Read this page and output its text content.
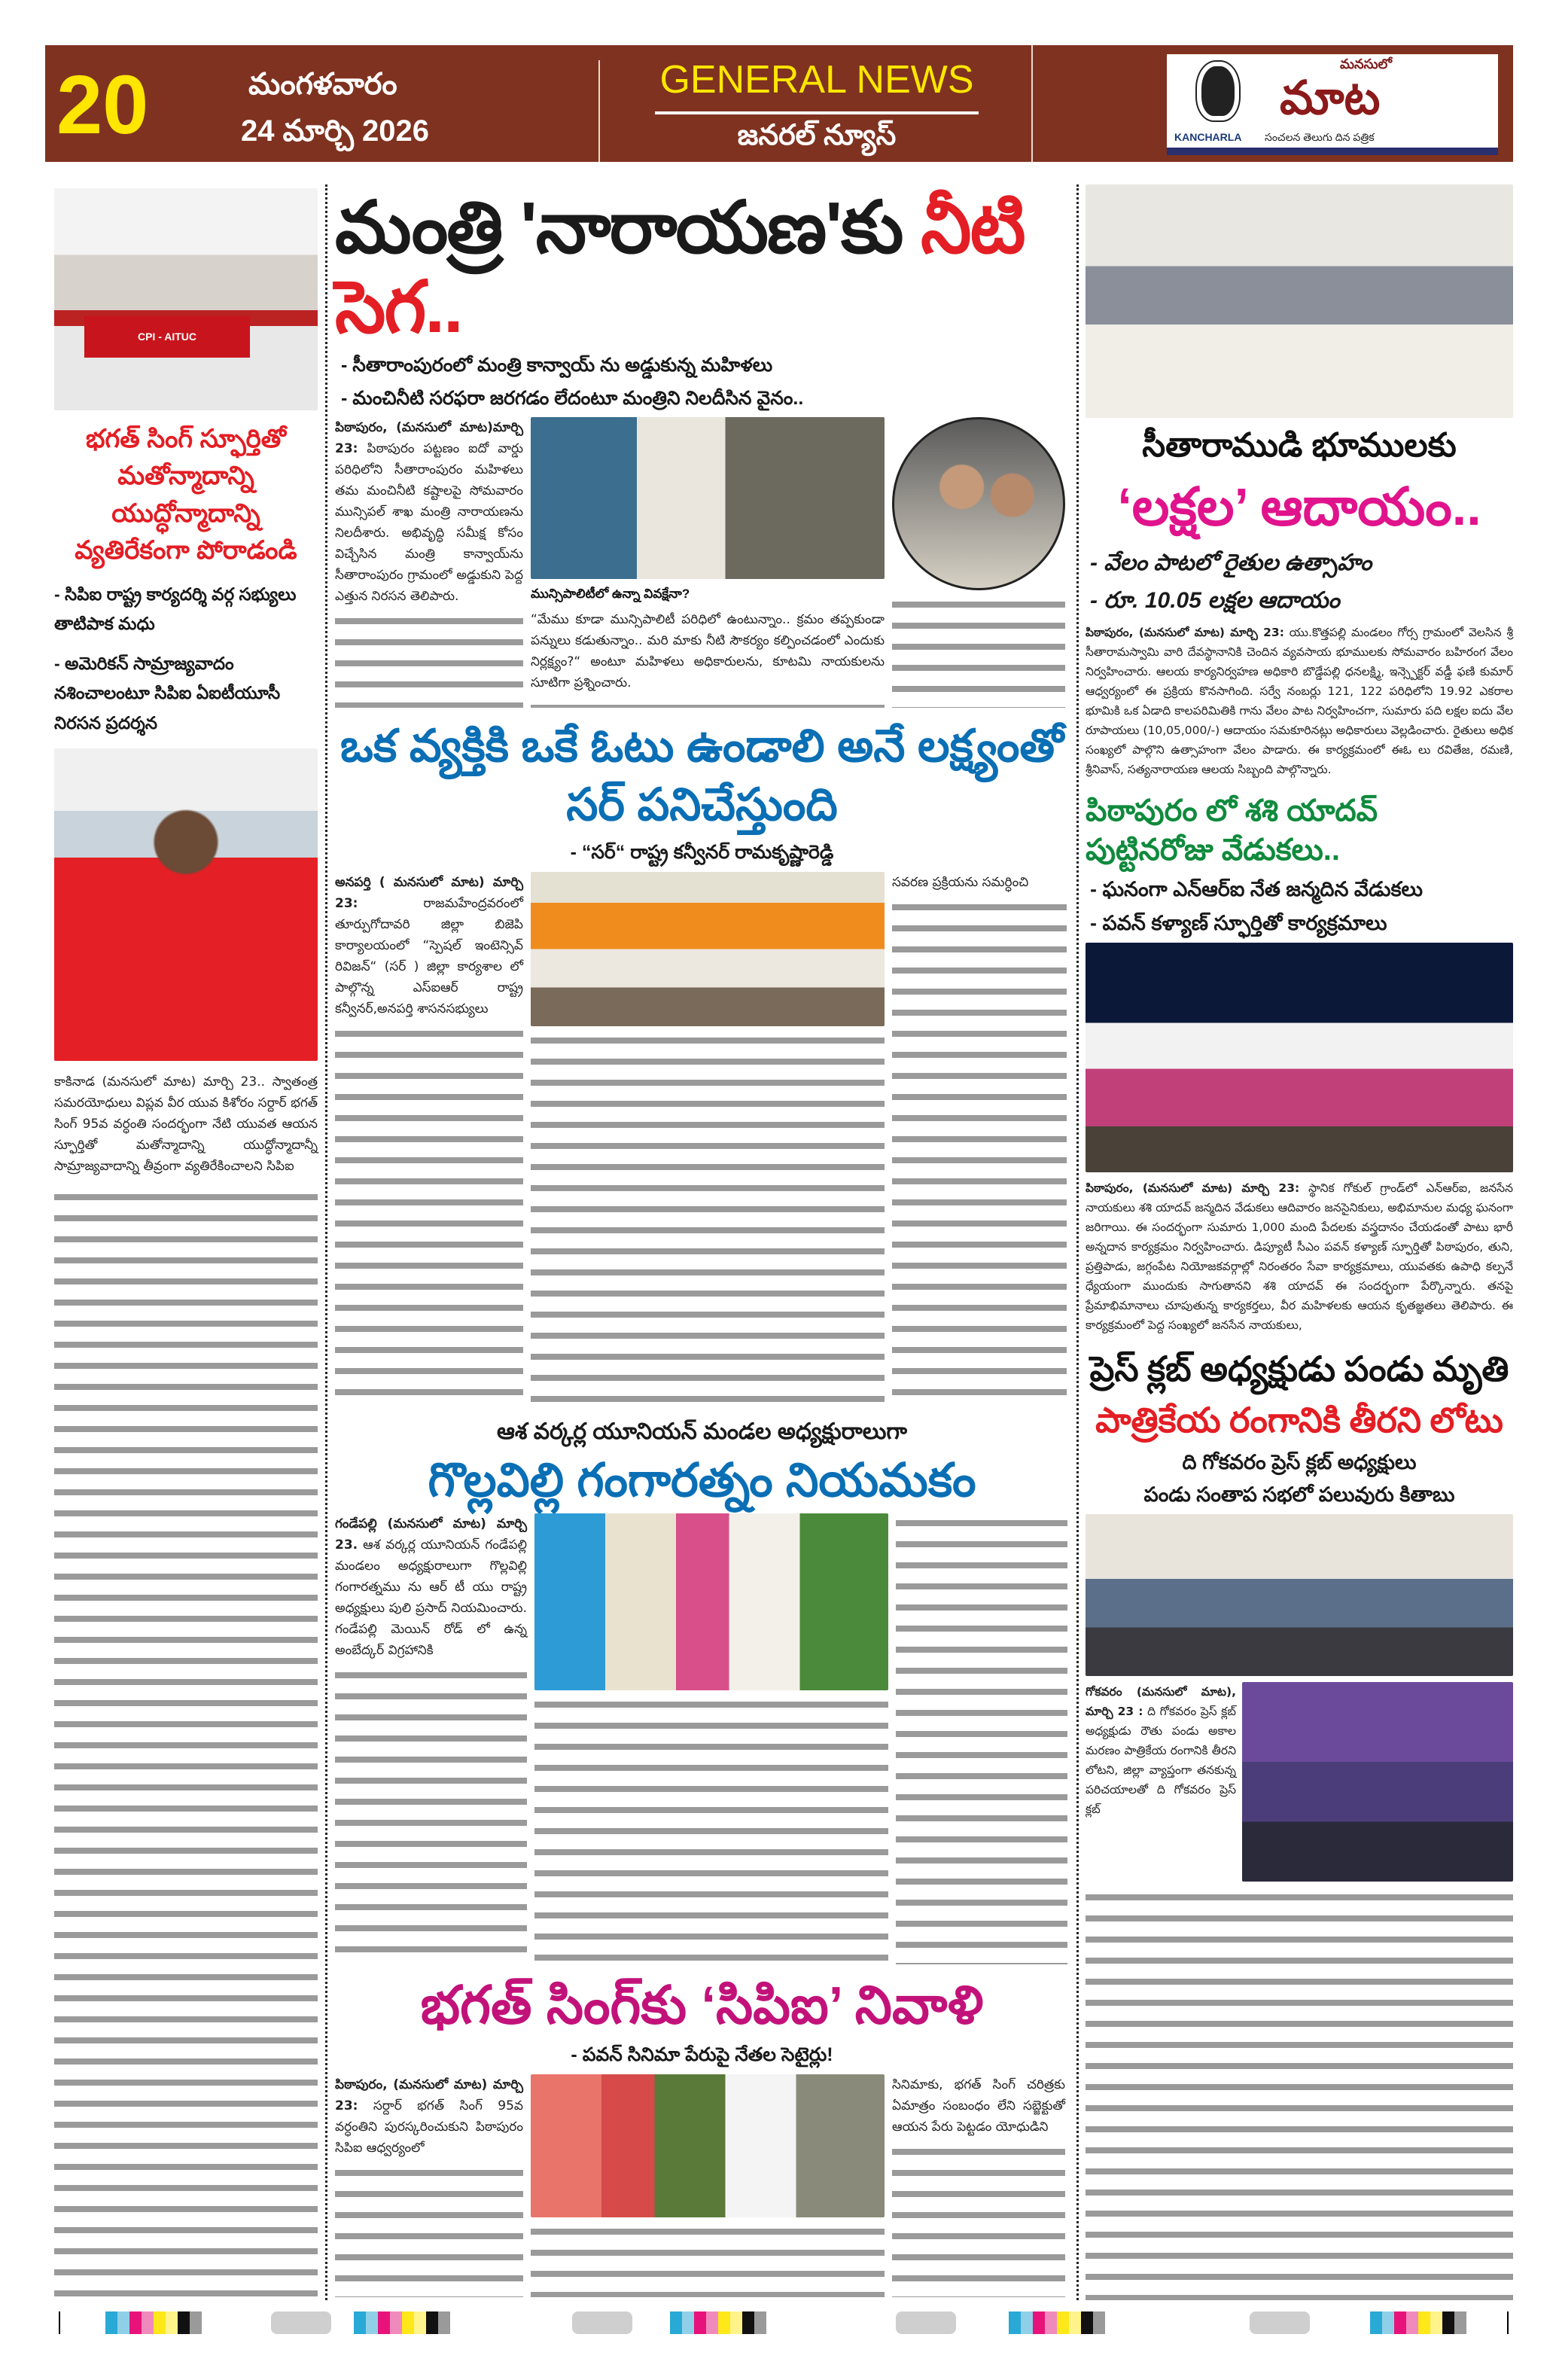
20	మంగళవారం
24 మార్చి 2026
GENERAL NEWS
జనరల్ న్యూస్
మనసులో
మాట
KANCHARLA సంచలన తెలుగు దిన పత్రిక
CPI - AITUC
భగత్ సింగ్ స్ఫూర్తితో మతోన్మాదాన్ని యుద్ధోన్మాదాన్ని వ్యతిరేకంగా పోరాడండి
- సిపిఐ రాష్ట్ర కార్యదర్శి వర్గ సభ్యులు తాటిపాక మధు
- అమెరికన్ సామ్రాజ్యవాదం నశించాలంటూ సిపిఐ ఏఐటీయూసీ నిరసన ప్రదర్శన

కాకినాడ (మనసులో మాట) మార్చి 23.. స్వాతంత్ర సమరయోధులు విప్లవ వీర యువ కిశోరం సర్దార్ భగత్ సింగ్ 95వ వర్ధంతి సందర్భంగా నేటి యువత ఆయన స్ఫూర్తితో మతోన్మాదాన్ని యుద్ధోన్మాదాన్నీ సామ్రాజ్యవాదాన్ని తీవ్రంగా వ్యతిరేకించాలని సిపిఐ

మంత్రి 'నారాయణ'కు నీటి సెగ..
- సీతారాంపురంలో మంత్రి కాన్వాయ్ ను అడ్డుకున్న మహిళలు
- మంచినీటి సరఫరా జరగడం లేదంటూ మంత్రిని నిలదీసిన వైనం..

పిఠాపురం, (మనసులో మాట)మార్చి 23: పిఠాపురం పట్టణం ఐదో వార్డు పరిధిలోని సీతారాంపురం మహిళలు తమ మంచినీటి కష్టాలపై సోమవారం మున్సిపల్ శాఖ మంత్రి నారాయణను నిలదీశారు. అభివృద్ధి సమీక్ష కోసం విచ్చేసిన మంత్రి కాన్వాయ్‌ను సీతారాంపురం గ్రామంలో అడ్డుకుని పెద్ద ఎత్తున నిరసన తెలిపారు.	మున్సిపాలిటీలో ఉన్నా వివక్షేనా?

“మేము కూడా మున్సిపాలిటీ పరిధిలో ఉంటున్నాం.. క్రమం తప్పకుండా పన్నులు కడుతున్నాం.. మరి మాకు నీటి సౌకర్యం కల్పించడంలో ఎందుకు నిర్లక్ష్యం?“ అంటూ మహిళలు అధికారులను, కూటమి నాయకులను సూటిగా ప్రశ్నించారు.

ఒక వ్యక్తికి ఒకే ఓటు ఉండాలి అనే లక్ష్యంతో సర్ పనిచేస్తుంది
- “సర్“ రాష్ట్ర కన్వీనర్ రామకృష్ణారెడ్డి

అనపర్తి ( మనసులో మాట) మార్చి 23:	రాజమహేంద్రవరంలో తూర్పుగోదావరి జిల్లా బిజెపి కార్యాలయంలో “స్పెషల్ ఇంటెన్సివ్ రివిజన్“ (సర్ ) జిల్లా కార్యశాల లో పాల్గొన్న ఎస్ఐఆర్ రాష్ట్ర కన్వీనర్,అనపర్తి శాసనసభ్యులు

సవరణ ప్రక్రియను సమర్ధించి

ఆశ వర్కర్ల యూనియన్ మండల అధ్యక్షురాలుగా
గొల్లవిల్లి గంగారత్నం నియమకం

గండేపల్లి (మనసులో మాట) మార్చి 23. ఆశ వర్కర్ల యూనియన్ గండేపల్లి మండలం అధ్యక్షురాలుగా గొల్లవిల్లి గంగారత్నము ను ఆర్ టీ యు రాష్ట్ర అధ్యక్షులు పులి ప్రసాద్ నియమించారు. గండేపల్లి మెయిన్ రోడ్ లో ఉన్న అంబేద్కర్ విగ్రహానికి

భగత్ సింగ్‌కు ‘సిపిఐ’ నివాళి
- పవన్ సినిమా పేరుపై నేతల సెటైర్లు!

పిఠాపురం, (మనసులో మాట) మార్చి 23: సర్దార్ భగత్ సింగ్ 95వ వర్ధంతిని పురస్కరించుకుని పిఠాపురం సిపిఐ ఆధ్వర్యంలో

సినిమాకు, భగత్ సింగ్ చరిత్రకు ఏమాత్రం సంబంధం లేని సబ్జెక్టుతో ఆయన పేరు పెట్టడం యోధుడిని

సీతారాముడి భూములకు
‘లక్షల’ ఆదాయం..
- వేలం పాటలో రైతుల ఉత్సాహం
- రూ. 10.05 లక్షల ఆదాయం

పిఠాపురం, (మనసులో మాట) మార్చి 23: యు.కొత్తపల్లి మండలం గోర్స గ్రామంలో వెలసిన శ్రీ సీతారామస్వామి వారి దేవస్థానానికి చెందిన వ్యవసాయ భూములకు సోమవారం బహిరంగ వేలం నిర్వహించారు. ఆలయ కార్యనిర్వహణ అధికారి బొడ్డేపల్లి ధనలక్ష్మి, ఇన్స్పెక్టర్ వడ్డీ ఫణి కుమార్ ఆధ్వర్యంలో ఈ ప్రక్రియ కొనసాగింది. సర్వే నంబర్లు 121, 122 పరిధిలోని 19.92 ఎకరాల భూమికి ఒక ఏడాది కాలపరిమితికి గాను వేలం పాట నిర్వహించగా, సుమారు పది లక్షల ఐదు వేల రూపాయలు (10,05,000/-) ఆదాయం సమకూరినట్లు అధికారులు వెల్లడించారు. రైతులు అధిక సంఖ్యలో పాల్గొని ఉత్సాహంగా వేలం పాడారు. ఈ కార్యక్రమంలో ఈఓ లు రవితేజ, రమణి, శ్రీనివాస్, సత్యనారాయణ ఆలయ సిబ్బంది పాల్గొన్నారు.

పిఠాపురం లో శశి యాదవ్ పుట్టినరోజు వేడుకలు..
- ఘనంగా ఎన్ఆర్ఐ నేత జన్మదిన వేడుకలు
- పవన్ కళ్యాణ్ స్ఫూర్తితో కార్యక్రమాలు

పిఠాపురం, (మనసులో మాట) మార్చి 23: స్థానిక గోకుల్ గ్రాండ్‌లో ఎన్ఆర్ఐ, జనసేన నాయకులు శశి యాదవ్ జన్మదిన వేడుకలు ఆదివారం జనసైనికులు, అభిమానుల మధ్య ఘనంగా జరిగాయి. ఈ సందర్భంగా సుమారు 1,000 మంది పేదలకు వస్త్రదానం చేయడంతో పాటు భారీ అన్నదాన కార్యక్రమం నిర్వహించారు. డిప్యూటీ సీఎం పవన్ కళ్యాణ్ స్ఫూర్తితో పిఠాపురం, తుని, ప్రత్తిపాడు, జగ్గంపేట నియోజకవర్గాల్లో నిరంతరం సేవా కార్యక్రమాలు, యువతకు ఉపాధి కల్పనే ధ్యేయంగా ముందుకు సాగుతానని శశి యాదవ్ ఈ సందర్భంగా పేర్కొన్నారు. తనపై ప్రేమాభిమానాలు చూపుతున్న కార్యకర్తలు, వీర మహిళలకు ఆయన కృతజ్ఞతలు తెలిపారు. ఈ కార్యక్రమంలో పెద్ద సంఖ్యలో జనసేన నాయకులు,

ప్రెస్ క్లబ్ అధ్యక్షుడు పండు మృతి
పాత్రికేయ రంగానికి తీరని లోటు
ది గోకవరం ప్రెస్ క్లబ్ అధ్యక్షులు
పండు సంతాప సభలో పలువురు కితాబు

గోకవరం (మనసులో మాట), మార్చి 23 : ది గోకవరం ప్రెస్ క్లబ్ అధ్యక్షుడు రౌతు పండు అకాల మరణం పాత్రికేయ రంగానికి తీరని లోటని, జిల్లా వ్యాప్తంగా తనకున్న పరిచయాలతో ది గోకవరం ప్రెస్ క్లబ్
